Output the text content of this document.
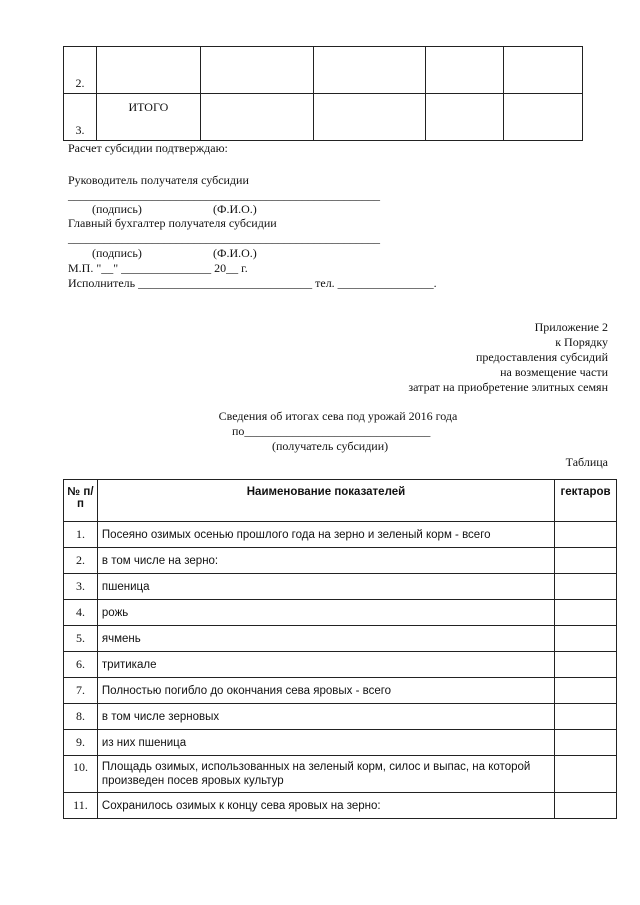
2.					
3.	ИТОГО				
Расчет субсидии подтверждаю:
Руководитель получателя субсидии
____________________________________________________
(подпись)	(Ф.И.О.)
Главный бухгалтер получателя субсидии
____________________________________________________
(подпись)	(Ф.И.О.)
М.П. "__" _______________ 20__ г.
Исполнитель _____________________________ тел. ________________.
Приложение 2
к Порядку
предоставления субсидий
на возмещение части
затрат на приобретение элитных семян
Сведения об итогах сева под урожай 2016 года
по_______________________________
(получатель субсидии)
Таблица
№ п/п	Наименование показателей	гектаров
1.	Посеяно озимых осенью прошлого года на зерно и зеленый корм - всего	
2.	в том числе на зерно:	
3.	пшеница	
4.	рожь	
5.	ячмень	
6.	тритикале	
7.	Полностью погибло до окончания сева яровых - всего	
8.	в том числе зерновых	
9.	из них пшеница	
10.	Площадь озимых, использованных на зеленый корм, силос и выпас, на которой произведен посев яровых культур	
11.	Сохранилось озимых к концу сева яровых на зерно:	
